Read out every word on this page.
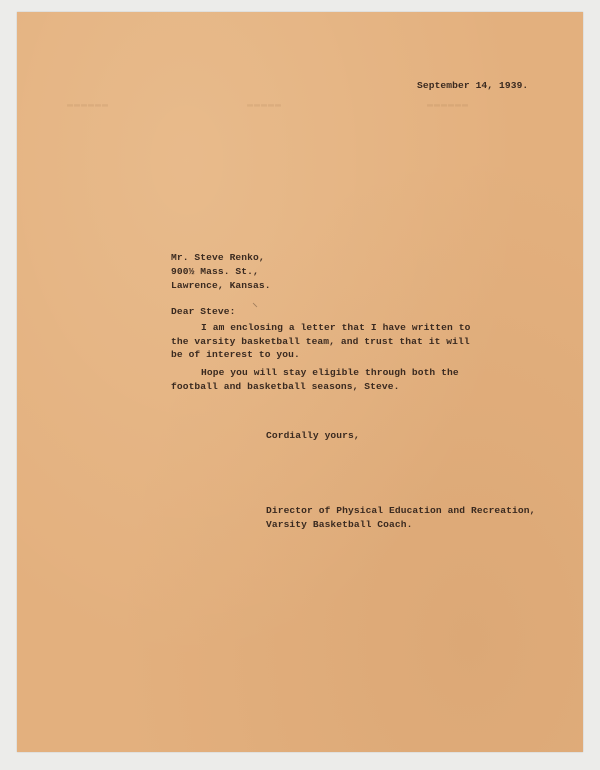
▬▬▬▬▬▬	▬▬▬▬▬	▬▬▬▬▬▬
September 14, 1939.
Mr. Steve Renko,
900½ Mass. St.,
Lawrence, Kansas.
Dear Steve:
I am enclosing a letter that I have written to
the varsity basketball team, and trust that it will
be of interest to you.
Hope you will stay eligible through both the
football and basketball seasons, Steve.
Cordially yours,
Director of Physical Education and Recreation,
Varsity Basketball Coach.
